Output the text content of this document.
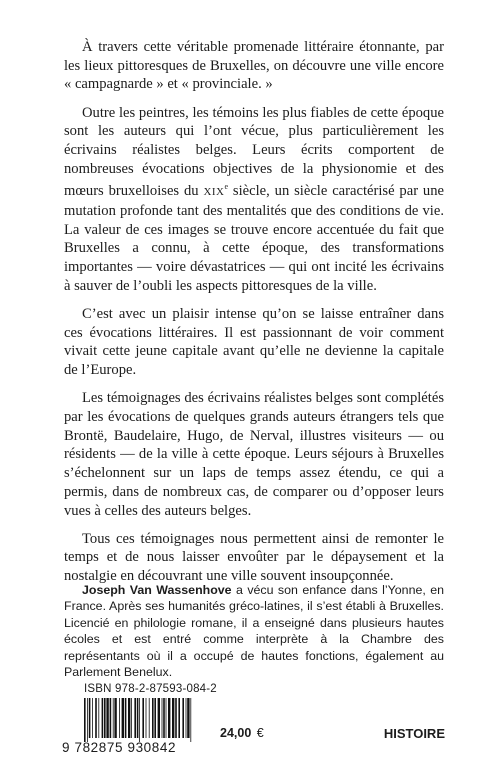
À travers cette véritable promenade littéraire étonnante, par les lieux pittoresques de Bruxelles, on découvre une ville encore « campagnarde » et « provinciale. »

Outre les peintres, les témoins les plus fiables de cette époque sont les auteurs qui l’ont vécue, plus particulièrement les écrivains réalistes belges. Leurs écrits comportent de nombreuses évocations objectives de la physionomie et des mœurs bruxelloises du XIXe siècle, un siècle caractérisé par une mutation profonde tant des mentalités que des conditions de vie. La valeur de ces images se trouve encore accentuée du fait que Bruxelles a connu, à cette époque, des transformations importantes — voire dévastatrices — qui ont incité les écrivains à sauver de l’oubli les aspects pittoresques de la ville.

C’est avec un plaisir intense qu’on se laisse entraîner dans ces évocations littéraires. Il est passionnant de voir comment vivait cette jeune capitale avant qu’elle ne devienne la capitale de l’Europe.

Les témoignages des écrivains réalistes belges sont complétés par les évocations de quelques grands auteurs étrangers tels que Brontë, Baudelaire, Hugo, de Nerval, illustres visiteurs — ou résidents — de la ville à cette époque. Leurs séjours à Bruxelles s’échelonnent sur un laps de temps assez étendu, ce qui a permis, dans de nombreux cas, de comparer ou d’opposer leurs vues à celles des auteurs belges.

Tous ces témoignages nous permettent ainsi de remonter le temps et de nous laisser envoûter par le dépaysement et la nostalgie en découvrant une ville souvent insoupçonnée.

Joseph Van Wassenhove a vécu son enfance dans l’Yonne, en France. Après ses humanités gréco-latines, il s’est établi à Bruxelles. Licencié en philologie romane, il a enseigné dans plusieurs hautes écoles et est entré comme interprète à la Chambre des représentants où il a occupé de hautes fonctions, également au Parlement Benelux.

ISBN 978-2-87593-084-2
9 782875 930842
24,00 €	HISTOIRE
